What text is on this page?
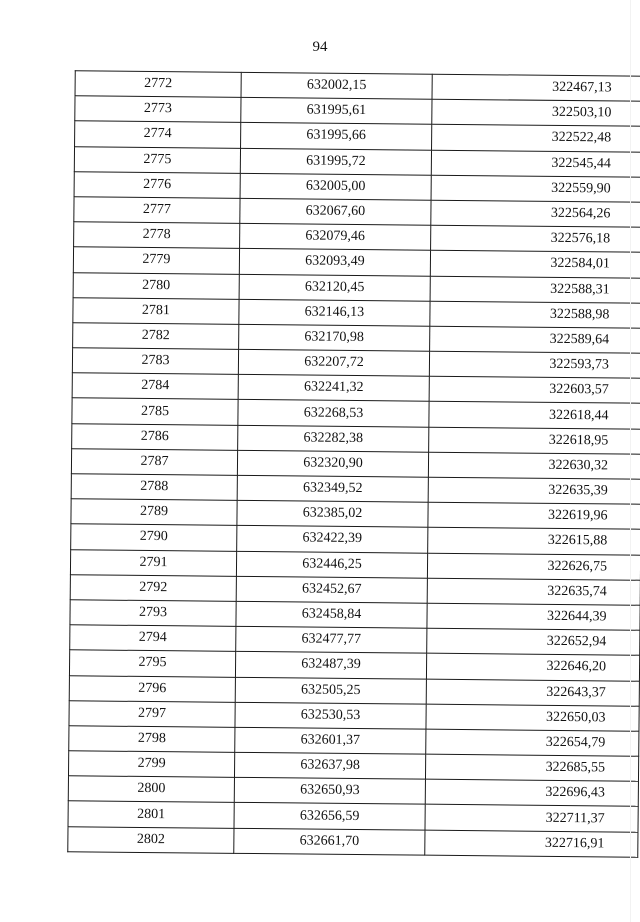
94
2772	632002,15	322467,13
2773	631995,61	322503,10
2774	631995,66	322522,48
2775	631995,72	322545,44
2776	632005,00	322559,90
2777	632067,60	322564,26
2778	632079,46	322576,18
2779	632093,49	322584,01
2780	632120,45	322588,31
2781	632146,13	322588,98
2782	632170,98	322589,64
2783	632207,72	322593,73
2784	632241,32	322603,57
2785	632268,53	322618,44
2786	632282,38	322618,95
2787	632320,90	322630,32
2788	632349,52	322635,39
2789	632385,02	322619,96
2790	632422,39	322615,88
2791	632446,25	322626,75
2792	632452,67	322635,74
2793	632458,84	322644,39
2794	632477,77	322652,94
2795	632487,39	322646,20
2796	632505,25	322643,37
2797	632530,53	322650,03
2798	632601,37	322654,79
2799	632637,98	322685,55
2800	632650,93	322696,43
2801	632656,59	322711,37
2802	632661,70	322716,91
